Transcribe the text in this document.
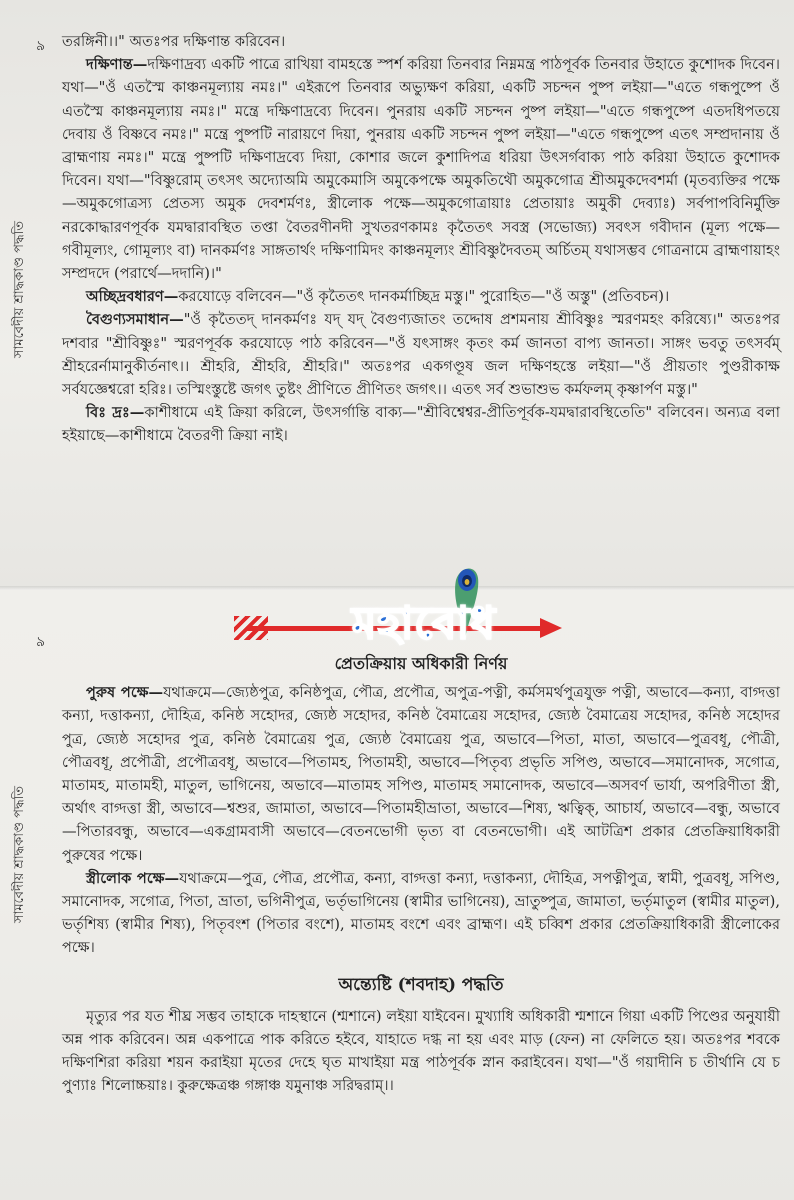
৯
সামবেদীয় শ্রাদ্ধকাণ্ড পদ্ধতি

তরঙ্গিনী।।" অতঃপর দক্ষিণান্ত করিবেন।

দক্ষিণান্ত—দক্ষিণাদ্রব্য একটি পাত্রে রাখিয়া বামহস্তে স্পর্শ করিয়া তিনবার নিম্নমন্ত্র পাঠপূর্বক তিনবার উহাতে কুশোদক দিবেন। যথা—"ওঁ এতস্মৈ কাঞ্চনমূল্যায় নমঃ।" এইরূপে তিনবার অভ্যুক্ষণ করিয়া, একটি সচন্দন পুষ্প লইয়া—"এতে গন্ধপুষ্পে ওঁ এতস্মৈ কাঞ্চনমূল্যায় নমঃ।" মন্ত্রে দক্ষিণাদ্রব্যে দিবেন। পুনরায় একটি সচন্দন পুষ্প লইয়া—"এতে গন্ধপুষ্পে এতদধিপতয়ে দেবায় ওঁ বিষ্ণবে নমঃ।" মন্ত্রে পুষ্পটি নারায়ণে দিয়া, পুনরায় একটি সচন্দন পুষ্প লইয়া—"এতে গন্ধপুষ্পে এতৎ সম্প্রদানায় ওঁ ব্রাহ্মণায় নমঃ।" মন্ত্রে পুষ্পটি দক্ষিণাদ্রব্যে দিয়া, কোশার জলে কুশাদিপত্র ধরিয়া উৎসর্গবাক্য পাঠ করিয়া উহাতে কুশোদক দিবেন। যথা—"বিষ্ণুরোম্ তৎসৎ অদ্যোঅমি অমুকেমাসি অমুকেপক্ষে অমুকতিথৌ অমুকগোত্র শ্রীঅমুকদেবশর্মা (মৃতব্যক্তির পক্ষে—অমুকগোত্রস্য প্রেতস্য অমুক দেবশর্মণঃ, স্ত্রীলোক পক্ষে—অমুকগোত্রায়াঃ প্রেতায়াঃ অমুকী দেব্যাঃ) সর্বপাপবিনির্মুক্তি নরকোদ্ধারণপূর্বক যমদ্বারাবস্থিত তপ্তা বৈতরণীনদী সুখতরণকামঃ কৃতৈতৎ সবস্ত্র (সভোজ্য) সবৎস গবীদান (মূল্য পক্ষে—গবীমূল্যং, গোমূল্যং বা) দানকর্মণঃ সাঙ্গতার্থং দক্ষিণামিদং কাঞ্চনমূল্যং শ্রীবিষ্ণুদৈবতম্ অর্চিতম্ যথাসম্ভব গোত্রনামে ব্রাহ্মণায়াহং সম্প্রদদে (পরার্থে—দদানি)।"

অচ্ছিদ্রবধারণ—করযোড়ে বলিবেন—"ওঁ কৃতৈতৎ দানকর্মাচ্ছিদ্র মস্তু।" পুরোহিত—"ওঁ অস্তু" (প্রতিবচন)।

বৈগুণ্যসমাধান—"ওঁ কৃতৈতদ্ দানকর্মণঃ যদ্ যদ্ বৈগুণ্যজাতং তদ্দোষ প্রশমনায় শ্রীবিষ্ণুঃ স্মরণমহং করিষ্যে।" অতঃপর দশবার "শ্রীবিষ্ণুঃ" স্মরণপূর্বক করযোড়ে পাঠ করিবেন—"ওঁ যৎসাঙ্গং কৃতং কর্ম জানতা বাপ্য জানতা। সাঙ্গং ভবতু তৎসর্বম্ শ্রীহরের্নামানুকীর্তনাৎ।। শ্রীহরি, শ্রীহরি, শ্রীহরি।" অতঃপর একগণ্ডূষ জল দক্ষিণহস্তে লইয়া—"ওঁ প্রীয়তাং পুণ্ডরীকাক্ষ সর্বযজ্ঞেশ্বরো হরিঃ। তস্মিংস্তুষ্টে জগৎ তুষ্টং প্রীণিতে প্রীণিতং জগৎ।। এতৎ সর্ব শুভাশুভ কর্মফলম্ কৃষ্ণার্পণ মস্তু।"

বিঃ দ্রঃ—কাশীধামে এই ক্রিয়া করিলে, উৎসর্গান্তি বাক্য—"শ্রীবিশ্বেশ্বর-প্রীতিপূর্বক-যমদ্বারাবস্থিতেতি" বলিবেন। অন্যত্র বলা হইয়াছে—কাশীধামে বৈতরণী ক্রিয়া নাই।

৯
সামবেদীয় শ্রাদ্ধকাণ্ড পদ্ধতি
প্রেতক্রিয়ায় অধিকারী নির্ণয়

পুরুষ পক্ষে—যথাক্রমে—জ্যেষ্ঠপুত্র, কনিষ্ঠপুত্র, পৌত্র, প্রপৌত্র, অপুত্র-পত্নী, কর্মসমর্থপুত্রযুক্ত পত্নী, অভাবে—কন্যা, বাগ্দত্তা কন্যা, দত্তাকন্যা, দৌহিত্র, কনিষ্ঠ সহোদর, জ্যেষ্ঠ সহোদর, কনিষ্ঠ বৈমাত্রেয় সহোদর, জ্যেষ্ঠ বৈমাত্রেয় সহোদর, কনিষ্ঠ সহোদর পুত্র, জ্যেষ্ঠ সহোদর পুত্র, কনিষ্ঠ বৈমাত্রেয় পুত্র, জ্যেষ্ঠ বৈমাত্রেয় পুত্র, অভাবে—পিতা, মাতা, অভাবে—পুত্রবধূ, পৌত্রী, পৌত্রবধূ, প্রপৌত্রী, প্রপৌত্রবধূ, অভাবে—পিতামহ, পিতামহী, অভাবে—পিতৃব্য প্রভৃতি সপিণ্ড, অভাবে—সমানোদক, সগোত্র, মাতামহ, মাতামহী, মাতুল, ভাগিনেয়, অভাবে—মাতামহ সপিণ্ড, মাতামহ সমানোদক, অভাবে—অসবর্ণ ভার্যা, অপরিণীতা স্ত্রী, অর্থাৎ বাগ্দত্তা স্ত্রী, অভাবে—শ্বশুর, জামাতা, অভাবে—পিতামহীভ্রাতা, অভাবে—শিষ্য, ঋত্বিক্, আচার্য, অভাবে—বন্ধু, অভাবে—পিতারবন্ধু, অভাবে—একগ্রামবাসী অভাবে—বেতনভোগী ভৃত্য বা বেতনভোগী। এই আটত্রিশ প্রকার প্রেতক্রিয়াধিকারী পুরুষের পক্ষে।

স্ত্রীলোক পক্ষে—যথাক্রমে—পুত্র, পৌত্র, প্রপৌত্র, কন্যা, বাগ্দত্তা কন্যা, দত্তাকন্যা, দৌহিত্র, সপত্নীপুত্র, স্বামী, পুত্রবধূ, সপিণ্ড, সমানোদক, সগোত্র, পিতা, ভ্রাতা, ভগিনীপুত্র, ভর্তৃভাগিনেয় (স্বামীর ভাগিনেয়), ভ্রাতুষ্পুত্র, জামাতা, ভর্তৃমাতুল (স্বামীর মাতুল), ভর্তৃশিষ্য (স্বামীর শিষ্য), পিতৃবংশ (পিতার বংশে), মাতামহ বংশে এবং ব্রাহ্মণ। এই চব্বিশ প্রকার প্রেতক্রিয়াধিকারী স্ত্রীলোকের পক্ষে।

অন্ত্যেষ্টি (শবদাহ) পদ্ধতি

মৃত্যুর পর যত শীঘ্র সম্ভব তাহাকে দাহস্থানে (শ্মশানে) লইয়া যাইবেন। মুখ্যাধি অধিকারী শ্মশানে গিয়া একটি পিণ্ডের অনুযায়ী অন্ন পাক করিবেন। অন্ন একপাত্রে পাক করিতে হইবে, যাহাতে দগ্ধ না হয় এবং মাড় (ফেন) না ফেলিতে হয়। অতঃপর শবকে দক্ষিণশিরা করিয়া শয়ন করাইয়া মৃতের দেহে ঘৃত মাখাইয়া মন্ত্র পাঠপূর্বক স্নান করাইবেন। যথা—"ওঁ গয়াদীনি চ তীর্থানি যে চ পুণ্যাঃ শিলোচ্চয়াঃ। কুরুক্ষেত্রঞ্চ গঙ্গাঞ্চ যমুনাঞ্চ সরিদ্বরাম্।।

মহাবোধ
